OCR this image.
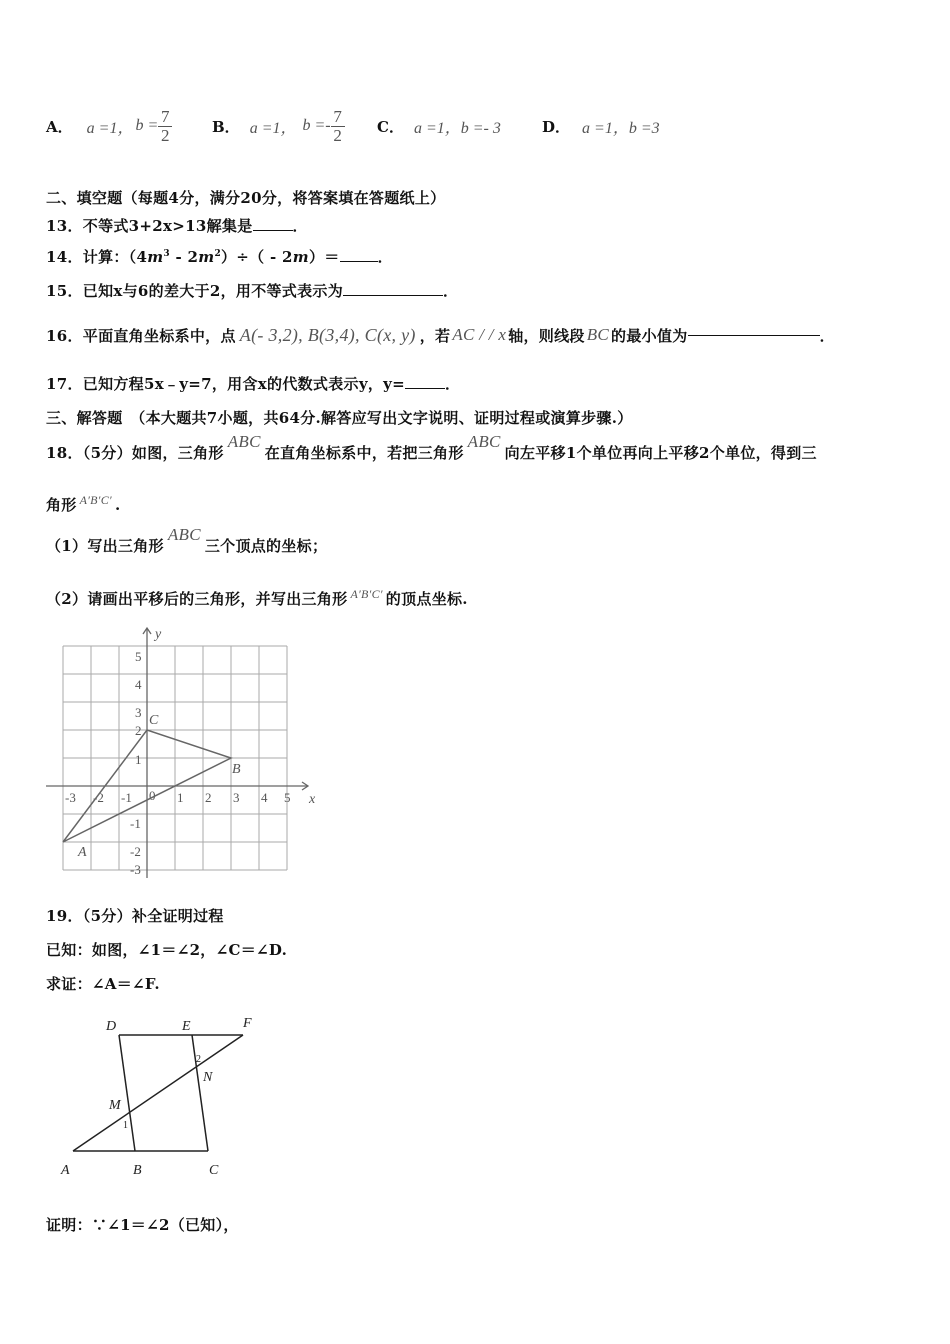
A． a =1， $b = \frac{7}{2}$	B． a =1， $b =- \frac{7}{2}$ C． a =1，b =- 3	D． a =1，b =3
二、填空题（每题4分，满分20分，将答案填在答题纸上）
13．不等式3+2x>13解集是	．
14．计算：$(4m^3 - 2m^2)\div( - 2m)=$	．
15．已知x与6的差大于2，用不等式表示为	．
16．平面直角坐标系中，点 A(- 3,2), B(3,4), C(x, y) ，若 AC / / x 轴，则线段 BC 的最小值为	．
17．已知方程5x﹣y=7，用含x的代数式表示y，y=	．
三、解答题　（本大题共7小题，共64分.解答应写出文字说明、证明过程或演算步骤.）
18．（5分）如图，三角形
ABC
在直角坐标系中，若把三角形
ABC
向左平移1个单位再向上平移2个单位，得到三
角形 A′B′C′ .
（1）写出三角形
ABC
三个顶点的坐标；
（2）请画出平移后的三角形，并写出三角形 A′B′C′ 的顶点坐标.
x
y
0
-3 -2 -1	1 2 3 4 5
5
4
3
2
1
-1
-2
-3
A
B
C
19．（5分）补全证明过程
已知：如图，∠1＝∠2，∠C＝∠D.
求证：∠A＝∠F.
D	E	F
A	B	C
M
N
1
2
证明：∵∠1＝∠2（已知），
